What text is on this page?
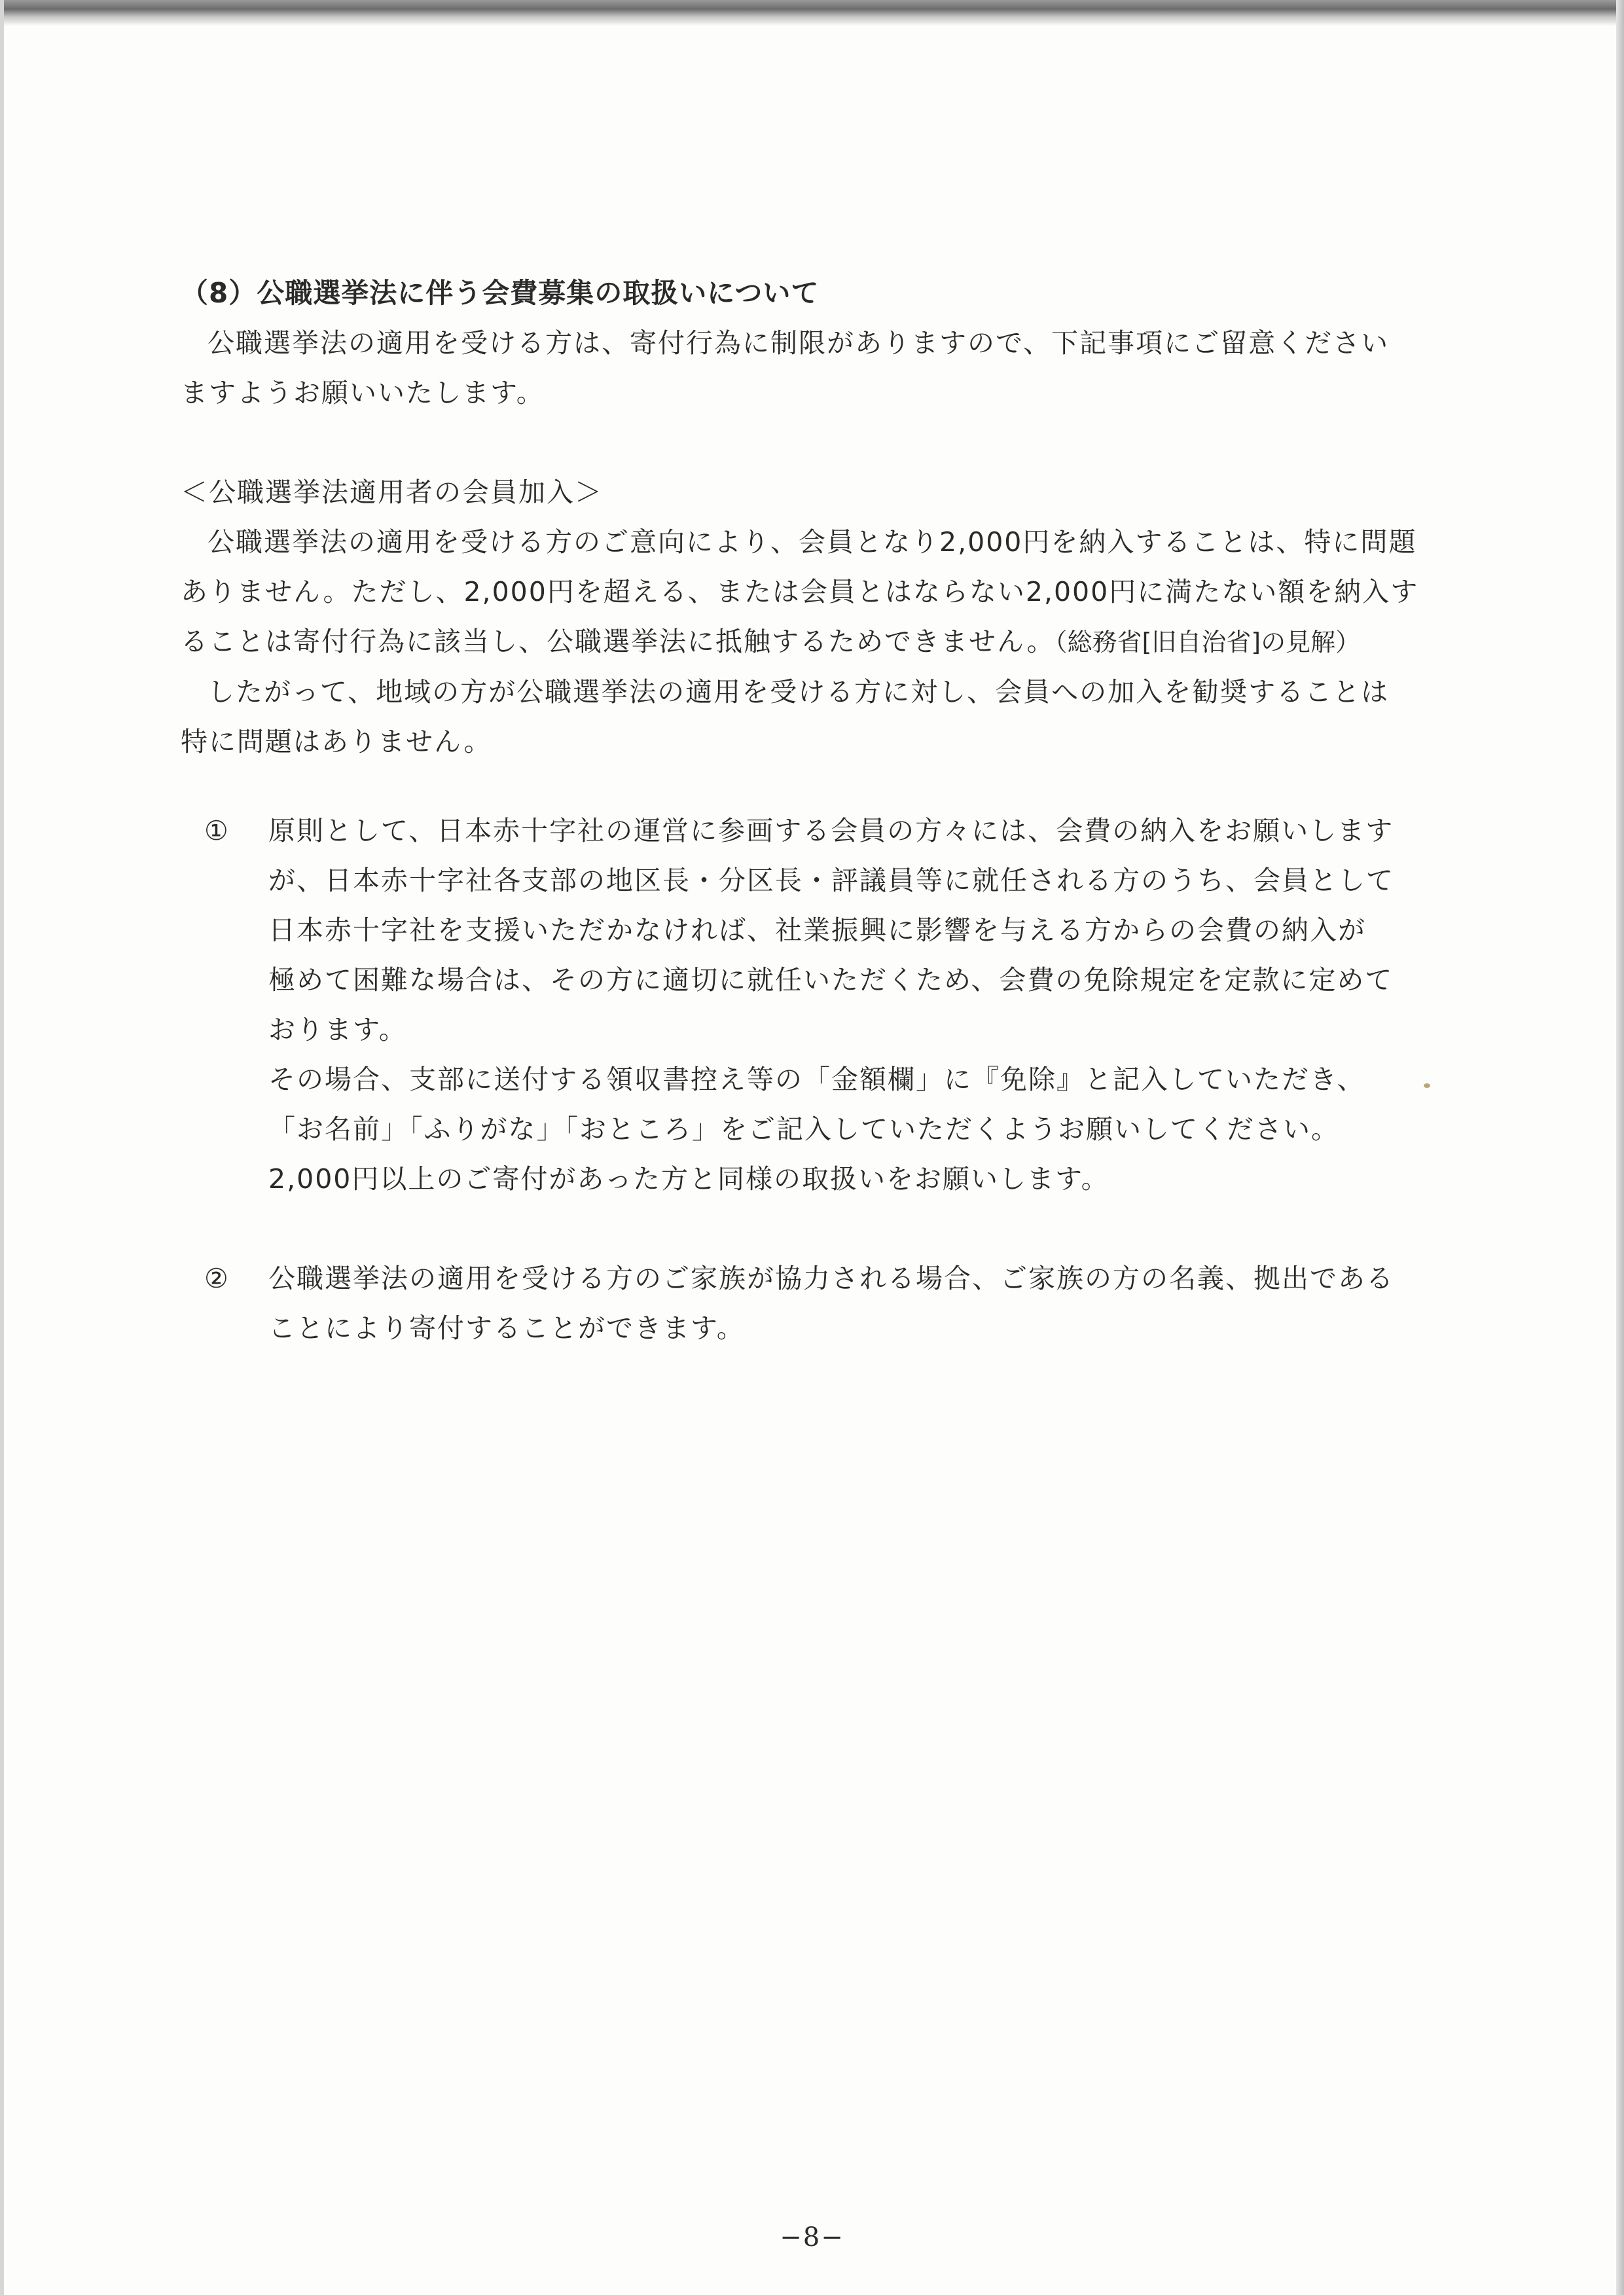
（8）公職選挙法に伴う会費募集の取扱いについて

公職選挙法の適用を受ける方は、寄付行為に制限がありますので、下記事項にご留意ください

ますようお願いいたします。

＜公職選挙法適用者の会員加入＞

公職選挙法の適用を受ける方のご意向により、会員となり2,000円を納入することは、特に問題

ありません。ただし、2,000円を超える、または会員とはならない2,000円に満たない額を納入す

ることは寄付行為に該当し、公職選挙法に抵触するためできません。（総務省[旧自治省]の見解）

したがって、地域の方が公職選挙法の適用を受ける方に対し、会員への加入を勧奨することは

特に問題はありません。

①	原則として、日本赤十字社の運営に参画する会員の方々には、会費の納入をお願いします

が、日本赤十字社各支部の地区長・分区長・評議員等に就任される方のうち、会員として

日本赤十字社を支援いただかなければ、社業振興に影響を与える方からの会費の納入が

極めて困難な場合は、その方に適切に就任いただくため、会費の免除規定を定款に定めて

おります。

その場合、支部に送付する領収書控え等の「金額欄」に『免除』と記入していただき、

「お名前」「ふりがな」「おところ」をご記入していただくようお願いしてください。

2,000円以上のご寄付があった方と同様の取扱いをお願いします。

②	公職選挙法の適用を受ける方のご家族が協力される場合、ご家族の方の名義、拠出である

ことにより寄付することができます。

−8−
